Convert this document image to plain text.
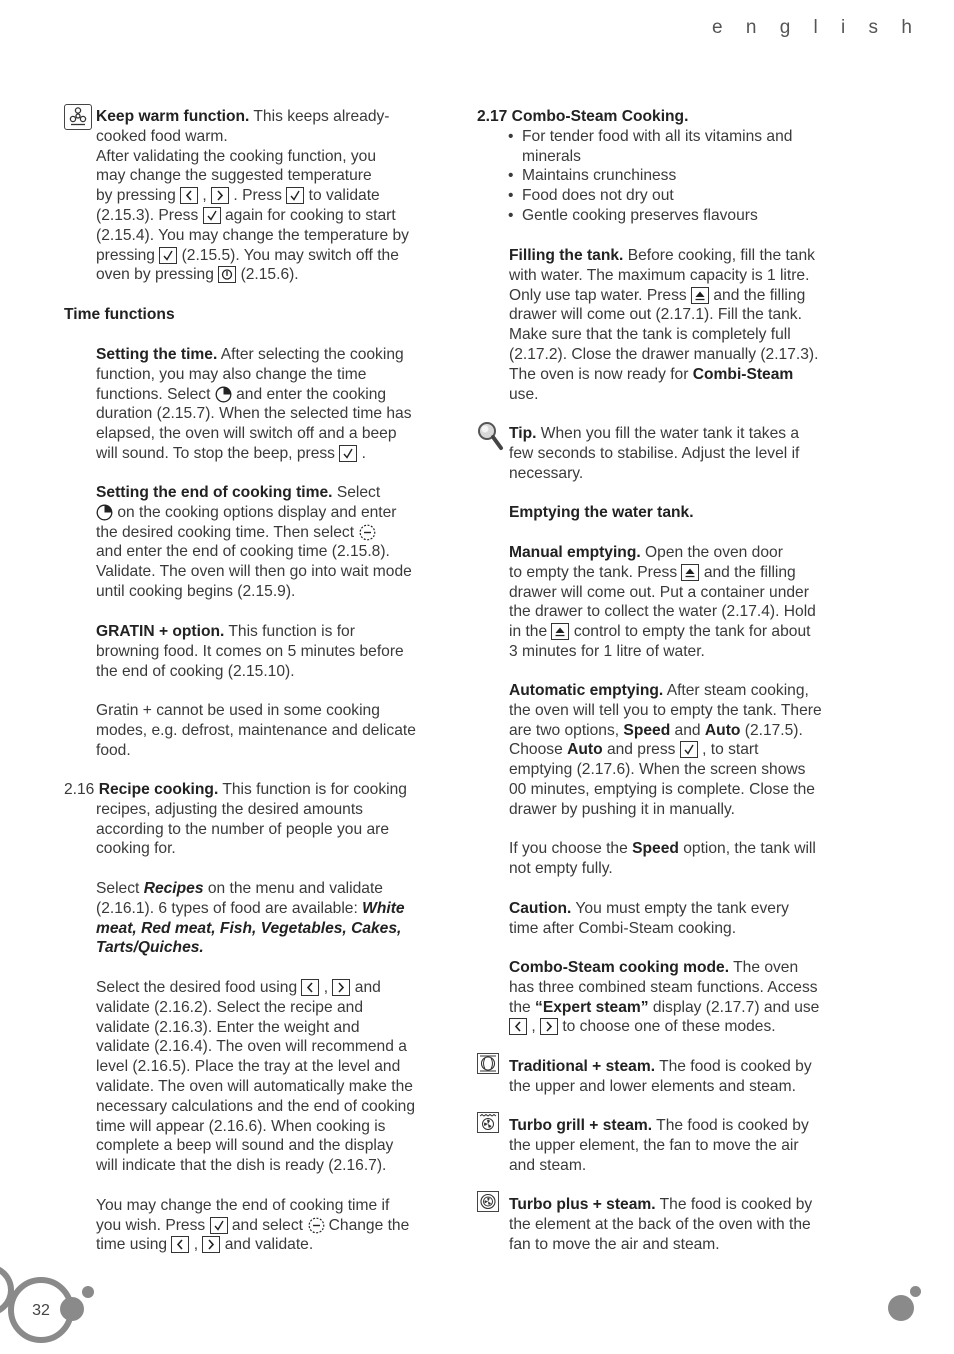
e n g l i s h

Keep warm function. This keeps already-

cooked food warm.

After validating the cooking function, you

may change the suggested temperature

by pressing
,
. Press
to validate

(2.15.3). Press
again for cooking to start

(2.15.4). You may change the temperature by

pressing
(2.15.5). You may switch off the

oven by pressing
(2.15.6).

Time functions

Setting the time. After selecting the cooking

function, you may also change the time

functions. Select  and enter the cooking

duration (2.15.7). When the selected time has

elapsed, the oven will switch off and a beep

will sound. To stop the beep, press
.

Setting the end of cooking time. Select

on the cooking options display and enter

the desired cooking time. Then select

and enter the end of cooking time (2.15.8).

Validate. The oven will then go into wait mode

until cooking begins (2.15.9).

GRATIN + option. This function is for

browning food. It comes on 5 minutes before

the end of cooking (2.15.10).

Gratin + cannot be used in some cooking

modes, e.g. defrost, maintenance and delicate

food.

2.16 Recipe cooking. This function is for cooking

recipes, adjusting the desired amounts

according to the number of people you are

cooking for.

Select Recipes on the menu and validate

(2.16.1). 6 types of food are available: White

meat, Red meat, Fish, Vegetables, Cakes,

Tarts/Quiches.

Select the desired food using
,
and

validate (2.16.2). Select the recipe and

validate (2.16.3). Enter the weight and

validate (2.16.4). The oven will recommend a

level (2.16.5). Place the tray at the level and

validate. The oven will automatically make the

necessary calculations and the end of cooking

time will appear (2.16.6). When cooking is

complete a beep will sound and the display

will indicate that the dish is ready (2.16.7).

You may change the end of cooking time if

you wish. Press
and select  Change the

time using
,
and validate.

2.17 Combo-Steam Cooking.

• For tender food with all its vitamins and
minerals
• Maintains crunchiness
• Food does not dry out
• Gentle cooking preserves flavours

Filling the tank. Before cooking, fill the tank

with water. The maximum capacity is 1 litre.

Only use tap water. Press
and the filling

drawer will come out (2.17.1). Fill the tank.

Make sure that the tank is completely full

(2.17.2). Close the drawer manually (2.17.3).

The oven is now ready for Combi-Steam

use.

Tip. When you fill the water tank it takes a

few seconds to stabilise. Adjust the level if

necessary.

Emptying the water tank.

Manual emptying. Open the oven door

to empty the tank. Press
and the filling

drawer will come out. Put a container under

the drawer to collect the water (2.17.4). Hold

in the
control to empty the tank for about

3 minutes for 1 litre of water.

Automatic emptying. After steam cooking,

the oven will tell you to empty the tank. There

are two options, Speed and Auto (2.17.5).

Choose Auto and press
, to start

emptying (2.17.6). When the screen shows

00 minutes, emptying is complete. Close the

drawer by pushing it in manually.

If you choose the Speed option, the tank will

not empty fully.

Caution. You must empty the tank every

time after Combi-Steam cooking.

Combo-Steam cooking mode. The oven

has three combined steam functions. Access

the “Expert steam” display (2.17.7) and use

,
to choose one of these modes.

Traditional + steam. The food is cooked by

the upper and lower elements and steam.

Turbo grill + steam. The food is cooked by

the upper element, the fan to move the air

and steam.

Turbo plus + steam. The food is cooked by

the element at the back of the oven with the

fan to move the air and steam.

32
